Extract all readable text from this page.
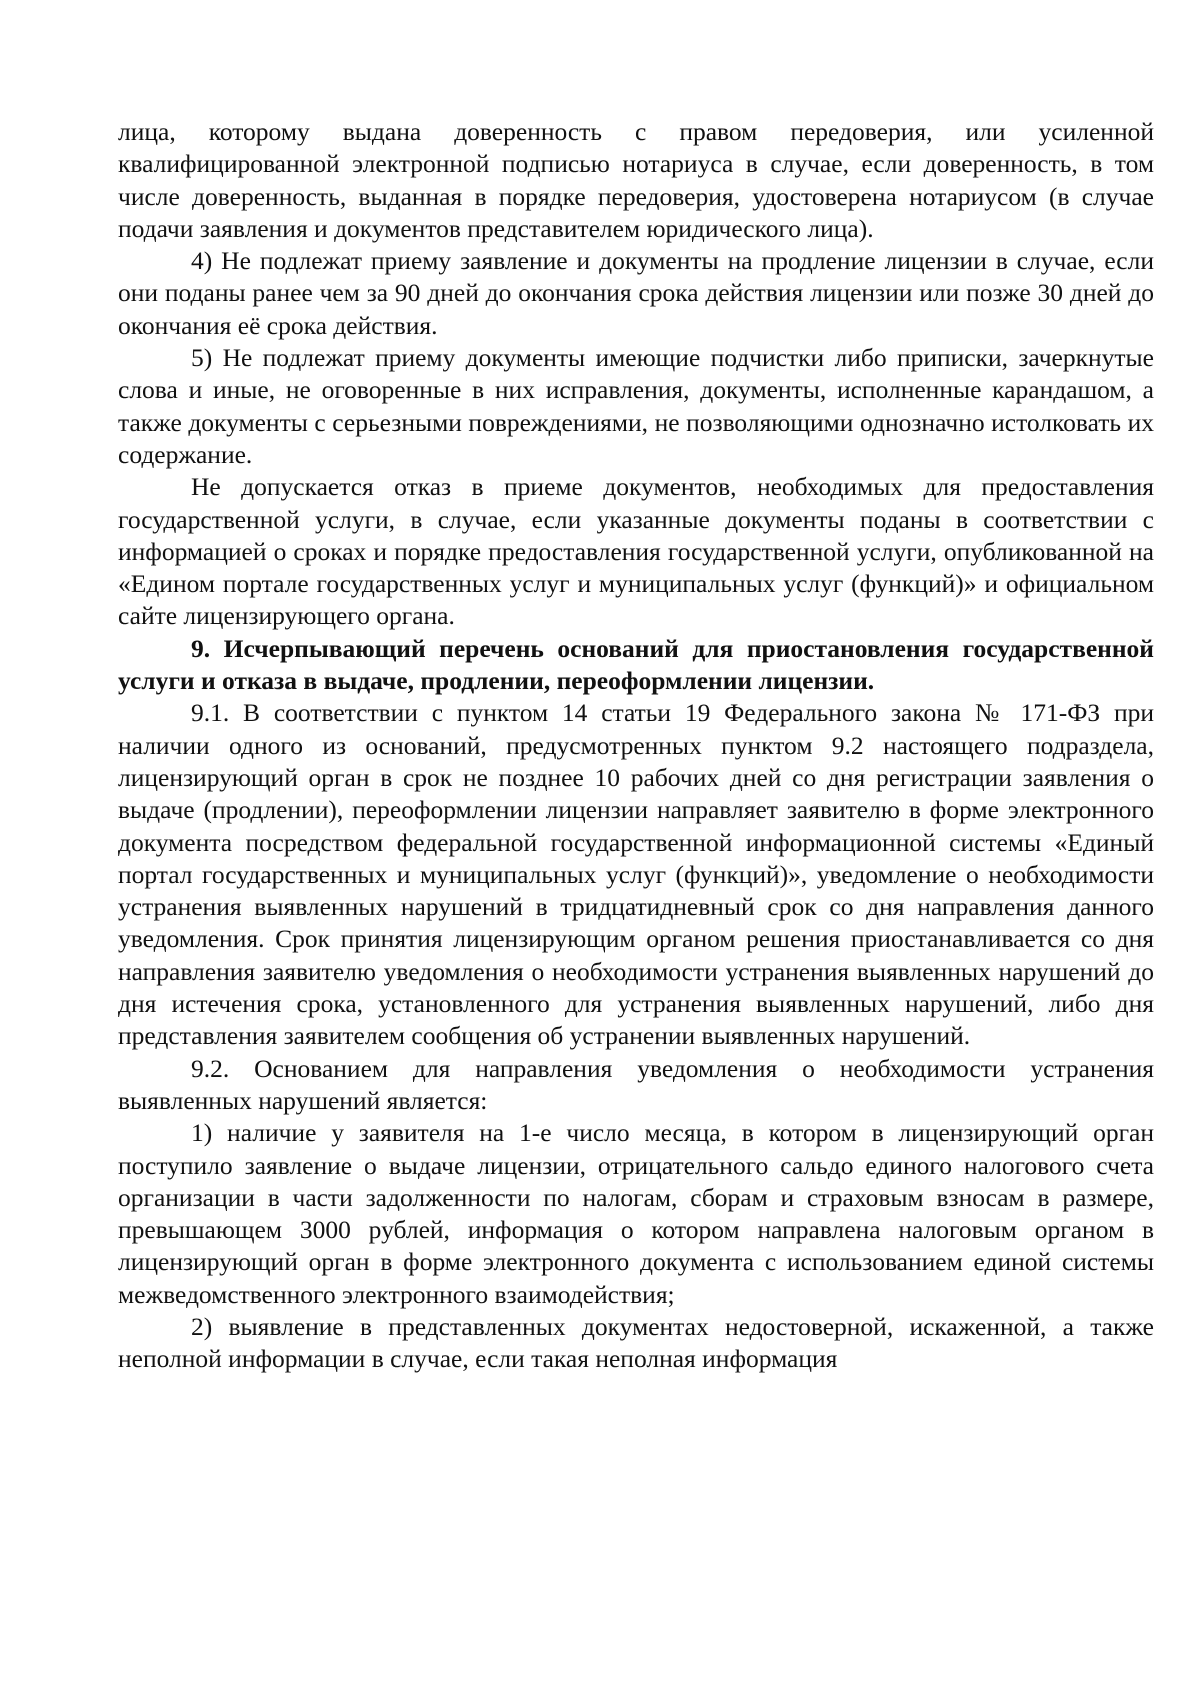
лица, которому выдана доверенность с правом передоверия, или усиленной квалифицированной электронной подписью нотариуса в случае, если доверенность, в том числе доверенность, выданная в порядке передоверия, удостоверена нотариусом (в случае подачи заявления и документов представителем юридического лица).

4) Не подлежат приему заявление и документы на продление лицензии в случае, если они поданы ранее чем за 90 дней до окончания срока действия лицензии или позже 30 дней до окончания её срока действия.

5) Не подлежат приему документы имеющие подчистки либо приписки, зачеркнутые слова и иные, не оговоренные в них исправления, документы, исполненные карандашом, а также документы с серьезными повреждениями, не позволяющими однозначно истолковать их содержание.

Не допускается отказ в приеме документов, необходимых для предоставления государственной услуги, в случае, если указанные документы поданы в соответствии с информацией о сроках и порядке предоставления государственной услуги, опубликованной на «Едином портале государственных услуг и муниципальных услуг (функций)» и официальном сайте лицензирующего органа.

9. Исчерпывающий перечень оснований для приостановления государственной услуги и отказа в выдаче, продлении, переоформлении лицензии.

9.1. В соответствии с пунктом 14 статьи 19 Федерального закона № 171-ФЗ при наличии одного из оснований, предусмотренных пунктом 9.2 настоящего подраздела, лицензирующий орган в срок не позднее 10 рабочих дней со дня регистрации заявления о выдаче (продлении), переоформлении лицензии направляет заявителю в форме электронного документа посредством федеральной государственной информационной системы «Единый портал государственных и муниципальных услуг (функций)», уведомление о необходимости устранения выявленных нарушений в тридцатидневный срок со дня направления данного уведомления. Срок принятия лицензирующим органом решения приостанавливается со дня направления заявителю уведомления о необходимости устранения выявленных нарушений до дня истечения срока, установленного для устранения выявленных нарушений, либо дня представления заявителем сообщения об устранении выявленных нарушений.

9.2. Основанием для направления уведомления о необходимости устранения выявленных нарушений является:

1) наличие у заявителя на 1-е число месяца, в котором в лицензирующий орган поступило заявление о выдаче лицензии, отрицательного сальдо единого налогового счета организации в части задолженности по налогам, сборам и страховым взносам в размере, превышающем 3000 рублей, информация о котором направлена налоговым органом в лицензирующий орган в форме электронного документа с использованием единой системы межведомственного электронного взаимодействия;

2) выявление в представленных документах недостоверной, искаженной, а также неполной информации в случае, если такая неполная информация
